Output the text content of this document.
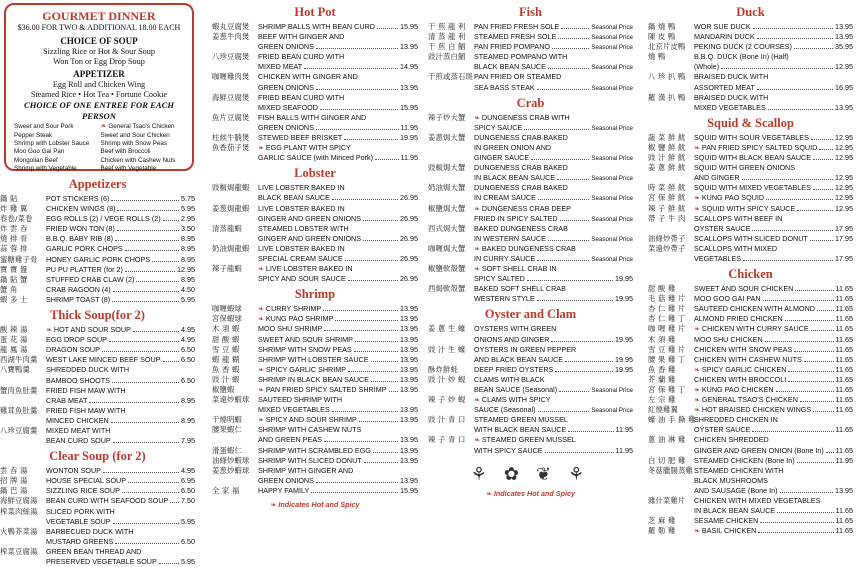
GOURMET DINNER
$36.00 FOR TWO & ADDITIONAL 18.00 EACH
CHOICE OF SOUP
Sizzling Rice or Hot & Sour Soup
Won Ton or Egg Drop Soup
APPETIZER
Egg Roll and Chicken Wing
Steamed Rice • Hot Tea • Fortune Cookie
CHOICE OF ONE ENTREE FOR EACH PERSON
Sweet and Sour Pork	❧ General Tsao's Chicken
Pepper Steak	Sweet and Sour Chicken
Shrimp with Lobster Sauce	Shrimp with Snow Peas
Moo Goo Gai Pan	Beef with Broccoli
Mongolian Beef	Chicken with Cashew Nuts
Shrimp with Vegetable	Beef with Vegetable
Appetizers
鍋 貼	POT STICKERS (6)	5.75
炸 雞 翼	CHICKEN WINGS (8)	5.95
春卷/菜卷	EGG ROLLS (2) / VEGE ROLLS (2)	2.95
炸 雲 吞	FRIED WON TON (8)	3.50
燒 排 骨	B.B.Q. BABY RIB (8)	8.95
蒜 蓉 排	GARLIC PORK CHOPS	8.95
蜜糖雞子骨	HONEY GARLIC PORK CHOPS	8.95
寶 寶 盤	PU PU PLATTER (for 2)	12.95
鍋 貼 蟹	STUFFED CRAB CLAW (2)	8.95
蟹 角	CRAB RAGOON (4)	4.50
蝦 多 士	SHRIMP TOAST (8)	5.95
Thick Soup(for 2)
酸 辣 湯	❧ HOT AND SOUR SOUP	4.95
蛋 花 湯	EGG DROP SOUP	4.95
龍 鳳 湯	DRAGON SOUP	6.50
西湖牛肉羹	WEST LAKE MINCED BEEF SOUP	6.50
八寶鴨羹	SHREDDED DUCK WITH
BAMBOO SHOOTS	6.50
蟹肉魚肚羹	FRIED FISH MAW WITH
CRAB MEAT	8.95
雞茸魚肚羹	FRIED FISH MAW WITH
MINCED CHICKEN	8.95
八珍豆腐羹	MIXED MEAT WITH
BEAN CURD SOUP	7.95
Clear Soup (for 2)
雲 吞 湯	WONTON SOUP	4.95
招 牌 湯	HOUSE SPECIAL SOUP	6.95
鍋 巴 湯	SIZZLING RICE SOUP	6.50
海鮮豆腐湯	BEAN CURD WITH SEAFOOD SOUP 7.50
榨菜肉絲湯	SLICED PORK WITH
VEGETABLE SOUP	5.95
火鴨芥菜湯	BARBECUED DUCK WITH
MUSTARD GREENS	6.50
榨菜豆腐湯	GREEN BEAN THREAD AND
PRESERVED VEGETABLE SOUP	5.95
Hot Pot
蝦丸豆腐煲	SHRIMP BALLS WITH BEAN CURD	15.95
姜葱牛肉煲	BEEF WITH GINGER AND
GREEN ONIONS	13.95
八珍豆腐煲	FRIED BEAN CURD WITH
MIXED MEAT	14.95
咖喱雞肉煲	CHICKEN WITH GINGER AND
GREEN ONIONS	13.95
海鮮豆腐煲	FRIED BEAN CURD WITH
MIXED SEAFOOD	15.95
魚片豆腐煲	FISH BALLS WITH GINGER AND
GREEN ONIONS	11.95
柱候牛腩煲	STEWED BEEF BRISKET	19.95
魚香茄子煲	❧ EGG PLANT WITH SPICY
GARLIC SAUCE (with Minced Pork)	11.95
Lobster
豉椒焗龍蝦	LIVE LOBSTER BAKED IN
BLACK BEAN SAUCE	26.95
姜葱焗龍蝦	LIVE LOBSTER BAKED IN
GINGER AND GREEN ONIONS	26.95
清蒸龍蝦	STEAMED LOBSTER WITH
GINGER AND GREEN ONIONS	26.95
奶油焗龍蝦	LIVE LOBSTER BAKED IN
SPECIAL CREAM SAUCE	26.95
辣子龍蝦	❧ LIVE LOBSTER BAKED IN
SPICY AND SOUR SAUCE	26.95
Shrimp
咖喱蝦球	❧ CURRY SHRIMP	13.95
宮保蝦球	❧ KUNG PAO SHRIMP	13.95
木 須 蝦	MOO SHU SHRIMP	13.95
甜 酸 蝦	SWEET AND SOUR SHRIMP	13.95
雪 豆 蝦	SHRIMP WITH SNOW PEAS	13.95
蝦 龍 糊	SHRIMP WITH LOBSTER SAUCE	13.95
魚 香 蝦	❧ SPICY GARLIC SHRIMP	13.95
豉 汁 蝦	SHRIMP IN BLACK BEAN SAUCE	13.95
椒鹽蝦	❧ PAN FRIED SPICY SALTED SHRIMP 13.95
菜遠炒蝦球	SAUTEED SHRIMP WITH
MIXED VEGETABLES	13.95
干燒明蝦	❧ SPICY AND SOUR SHRIMP	13.95
腰果蝦仁	SHRIMP WITH CASHEW NUTS
AND GREEN PEAS	13.95
滑蛋蝦仁	SHRIMP WITH SCRAMBLED EGG	13.95
油條炒蝦球	SHRIMP WITH SLICED DONUT	13.95
姜葱炒蝦球	SHRIMP WITH GINGER AND
GREEN ONIONS	13.95
全 家 福	HAPPY FAMILY	15.95
❧ Indicates Hot and Spicy
Fish
干 煎 龍 利	PAN FRIED FRESH SOLE	Seasonal Price
清 蒸 龍 利	STEAMED FRESH SOLE	Seasonal Price
干 煎 白 鯧	PAN FRIED POMPANO	Seasonal Price
豉汁蒸白鯧	STEAMED POMPANO WITH
BLACK BEAN SAUCE	Seasonal Price
干煎或蒸石斑 PAN FRIED OR STEAMED
SEA BASS STEAK	Seasonal Price
Crab
辣子炒大蟹	❧ DUNGENESS CRAB WITH
SPICY SAUCE	Seasonal Price
姜蔥焗大蟹	DUNGENESS CRAB BAKED
IN GREEN ONION AND
GINGER SAUCE	Seasonal Price
豉椒焗大蟹	DUNGENESS CRAB BAKED
IN BLACK BEAN SAUCE	Seasonal Price
奶油焗大蟹	DUNGENESS CRAB BAKED
IN CREAM SAUCE	Seasonal Price
椒鹽焗大蟹	❧ DUNGENESS CRAB DEEP
FRIED IN SPICY SALTED	Seasonal Price
西式焗大蟹	BAKED DUNGENESS CRAB
IN WESTERN SAUCE	Seasonal Price
咖喱焗大蟹	❧ BAKED DUNGENESS CRAB
IN CURRY SAUCE	Seasonal Price
椒鹽軟殼蟹	❧ SOFT SHELL CRAB IN
SPICY SALTED	19.95
西焗軟殼蟹	BAKED SOFT SHELL CRAB
WESTERN STYLE	19.95
Oyster and Clam
姜 蔥 生 蠔	OYSTERS WITH GREEN
ONIONS AND GINGER	19.95
豉 汁 生 蠔	OYSTERS IN GREEN PEPPER
AND BLACK BEAN SAUCE	19.95
酥炸鮮蚝	DEEP FRIED OYSTERS	19.95
豉 汁 炒 蜆	CLAMS WITH BLACK
BEAN SAUCE (Seasonal)	Seasonal Price
辣 子 炒 蜆	❧ CLAMS WITH SPICY
SAUCE (Seasonal)	Seasonal Price
豉 汁 青 口	STEAMED GREEN MUSSEL
WITH BLACK BEAN SAUCE	11.95
辣 子 青 口	❧ STEAMED GREEN MUSSEL
WITH SPICY SAUCE	11.95
⚘ ✿ ❦ ⚘
❧ Indicates Hot and Spicy
Duck
鍋 燒 鴨	WOR SUE DUCK	13.95
陳 皮 鴨	MANDARIN DUCK	13.95
北京片皮鴨	PEKING DUCK (2 COURSES)	35.95
燒 鴨	B.B.Q. DUCK (Bone In) (Half)
(Whole)	12.95
八 珍 扒 鴨	BRAISED DUCK WITH
ASSORTED MEAT	16.95
羅 漢 扒 鴨	BRAISED DUCK WITH
MIXED VEGETABLES	13.95
Squid & Scallop
蔬 菜 鮮 魷	SQUID WITH SOUR VEGETABLES	12.95
椒 鹽 鮮 魷	❧ PAN FRIED SPICY SALTED SQUID 12.95
豉 汁 鮮 魷	SQUID WITH BLACK BEAN SAUCE	12.95
姜 蔥 鮮 魷	SQUID WITH GREEN ONIONS
AND GINGER	12.95
時 菜 鮮 魷	SQUID WITH MIXED VEGETABLES	12.95
宮 保 鮮 魷	❧ KUNG PAO SQUID	12.95
辣 子 鮮 魷	❧ SQUID WITH SPICY SAUCE	12.95
帶 子 牛 肉	SCALLOPS WITH BEEF IN
OYSTER SAUCE	17.95
油條炒帶子	SCALLOPS WITH SLICED DONUT	17.95
菜遠炒帶子	SCALLOPS WITH MIXED
VEGETABLES	17.95
Chicken
甜 酸 雞	SWEET AND SOUR CHICKEN	11.65
毛 菇 雞 片	MOO GOO GAI PAN	11.65
杏 仁 雞 片	SAUTEED CHICKEN WITH ALMOND	11.65
杏 仁 雞 丁	ALMOND FRIED CHICKEN	11.65
咖 喱 雞 片	❧ CHICKEN WITH CURRY SAUCE	11.65
木 須 雞	MOO SHU CHICKEN	11.65
雪 豆 雞 片	CHICKEN WITH SNOW PEAS	11.65
腰 果 雞 丁	CHICKEN WITH CASHEW NUTS	11.65
魚 香 雞	❧ SPICY GARLIC CHICKEN	11.65
芥 蘭 雞	CHICKEN WITH BROCCOLI	11.65
宮 保 雞 丁	❧ KUNG PAO CHICKEN	11.65
左 宗 雞	❧ GENERAL TSAO'S CHICKEN	11.65
紅燒雞翼	❧ HOT BRAISED CHICKEN WINGS	11.65
蠔 油 手 撕 雞
SHREDDED CHICKEN IN
OYSTER SAUCE	11.65
蔥 油 淋 雞	CHICKEN SHREDDED
GINGER AND GREEN ONION (Bone In) 11.65
白 切 肥 雞	STEAMED CHICKEN (Bone In)	11.95
冬菇臘腸蒸雞 STEAMED CHICKEN WITH
BLACK MUSHROOMS
AND SAUSAGE (Bone In)	13.95
雜什菜雞片	CHICKEN WITH MIXED VEGETABLES
IN BLACK BEAN SAUCE	11.65
芝 麻 雞	SESAME CHICKEN	11.65
羅 勒 雞	❧ BASIL CHICKEN	11.65
